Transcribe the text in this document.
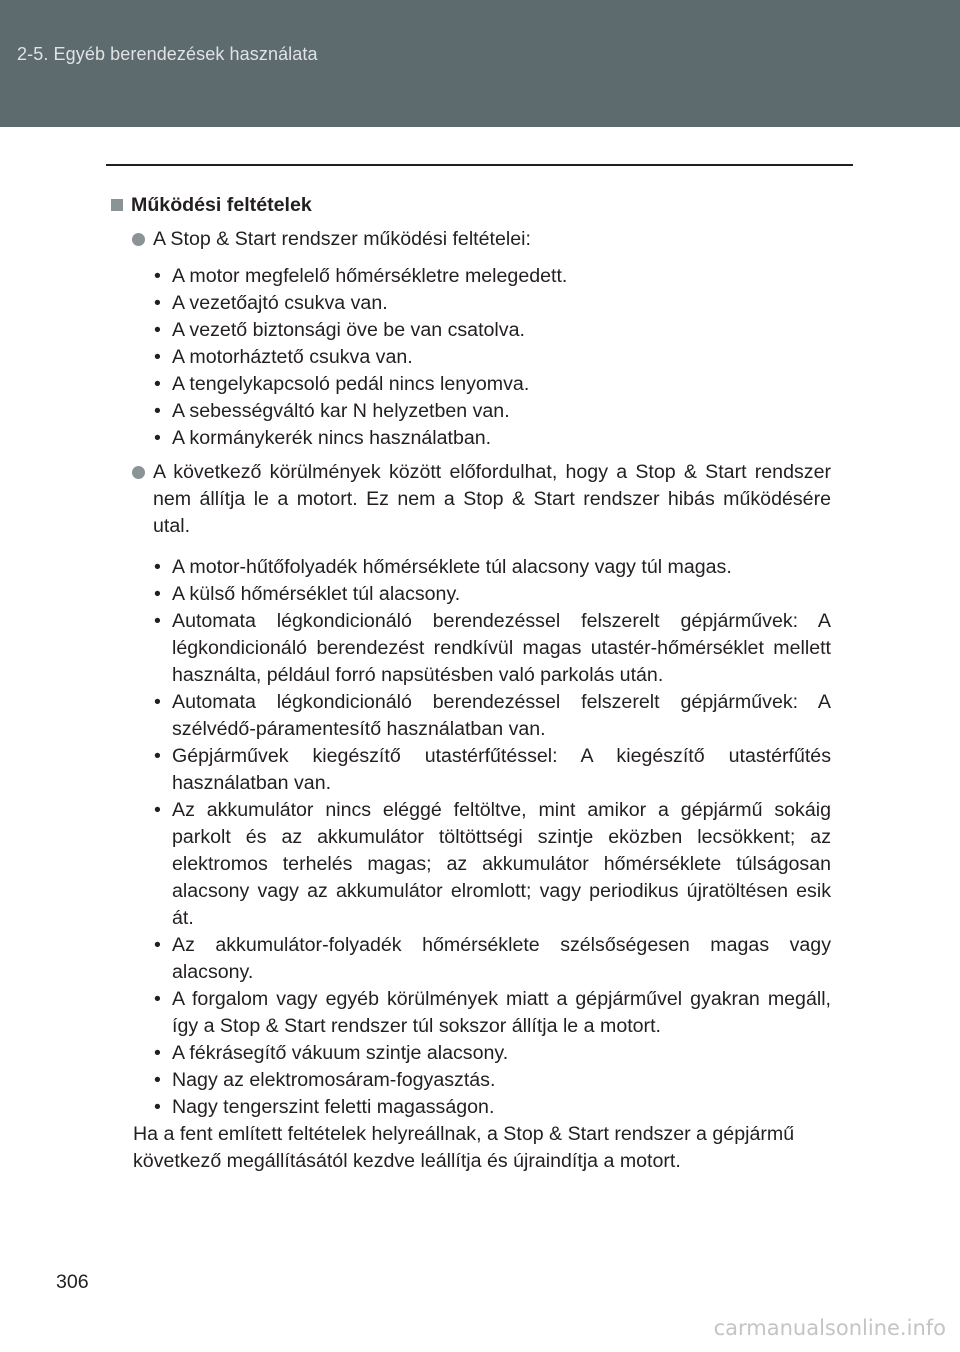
2-5. Egyéb berendezések használata
Működési feltételek
A Stop & Start rendszer működési feltételei:
• A motor megfelelő hőmérsékletre melegedett.
• A vezetőajtó csukva van.
• A vezető biztonsági öve be van csatolva.
• A motorháztető csukva van.
• A tengelykapcsoló pedál nincs lenyomva.
• A sebességváltó kar N helyzetben van.
• A kormánykerék nincs használatban.
A következő körülmények között előfordulhat, hogy a Stop & Start rendszer nem állítja le a motort. Ez nem a Stop & Start rendszer hibás működésére utal.
• A motor-hűtőfolyadék hőmérséklete túl alacsony vagy túl magas.
• A külső hőmérséklet túl alacsony.
• Automata légkondicionáló berendezéssel felszerelt gépjárművek: A légkondicionáló berendezést rendkívül magas utastér-hőmérséklet mellett használta, például forró napsütésben való parkolás után.
• Automata légkondicionáló berendezéssel felszerelt gépjárművek: A szélvédő-páramentesítő használatban van.
• Gépjárművek kiegészítő utastérfűtéssel: A kiegészítő utastérfűtés használatban van.
• Az akkumulátor nincs eléggé feltöltve, mint amikor a gépjármű sokáig parkolt és az akkumulátor töltöttségi szintje eközben lecsökkent; az elektromos terhelés magas; az akkumulátor hőmérséklete túlságosan alacsony vagy az akkumulátor elromlott; vagy periodikus újratöltésen esik át.
• Az akkumulátor-folyadék hőmérséklete szélsőségesen magas vagy alacsony.
• A forgalom vagy egyéb körülmények miatt a gépjárművel gyakran megáll, így a Stop & Start rendszer túl sokszor állítja le a motort.
• A fékrásegítő vákuum szintje alacsony.
• Nagy az elektromosáram-fogyasztás.
• Nagy tengerszint feletti magasságon.
Ha a fent említett feltételek helyreállnak, a Stop & Start rendszer a gépjármű következő megállításától kezdve leállítja és újraindítja a motort.
306
carmanualsonline.info
